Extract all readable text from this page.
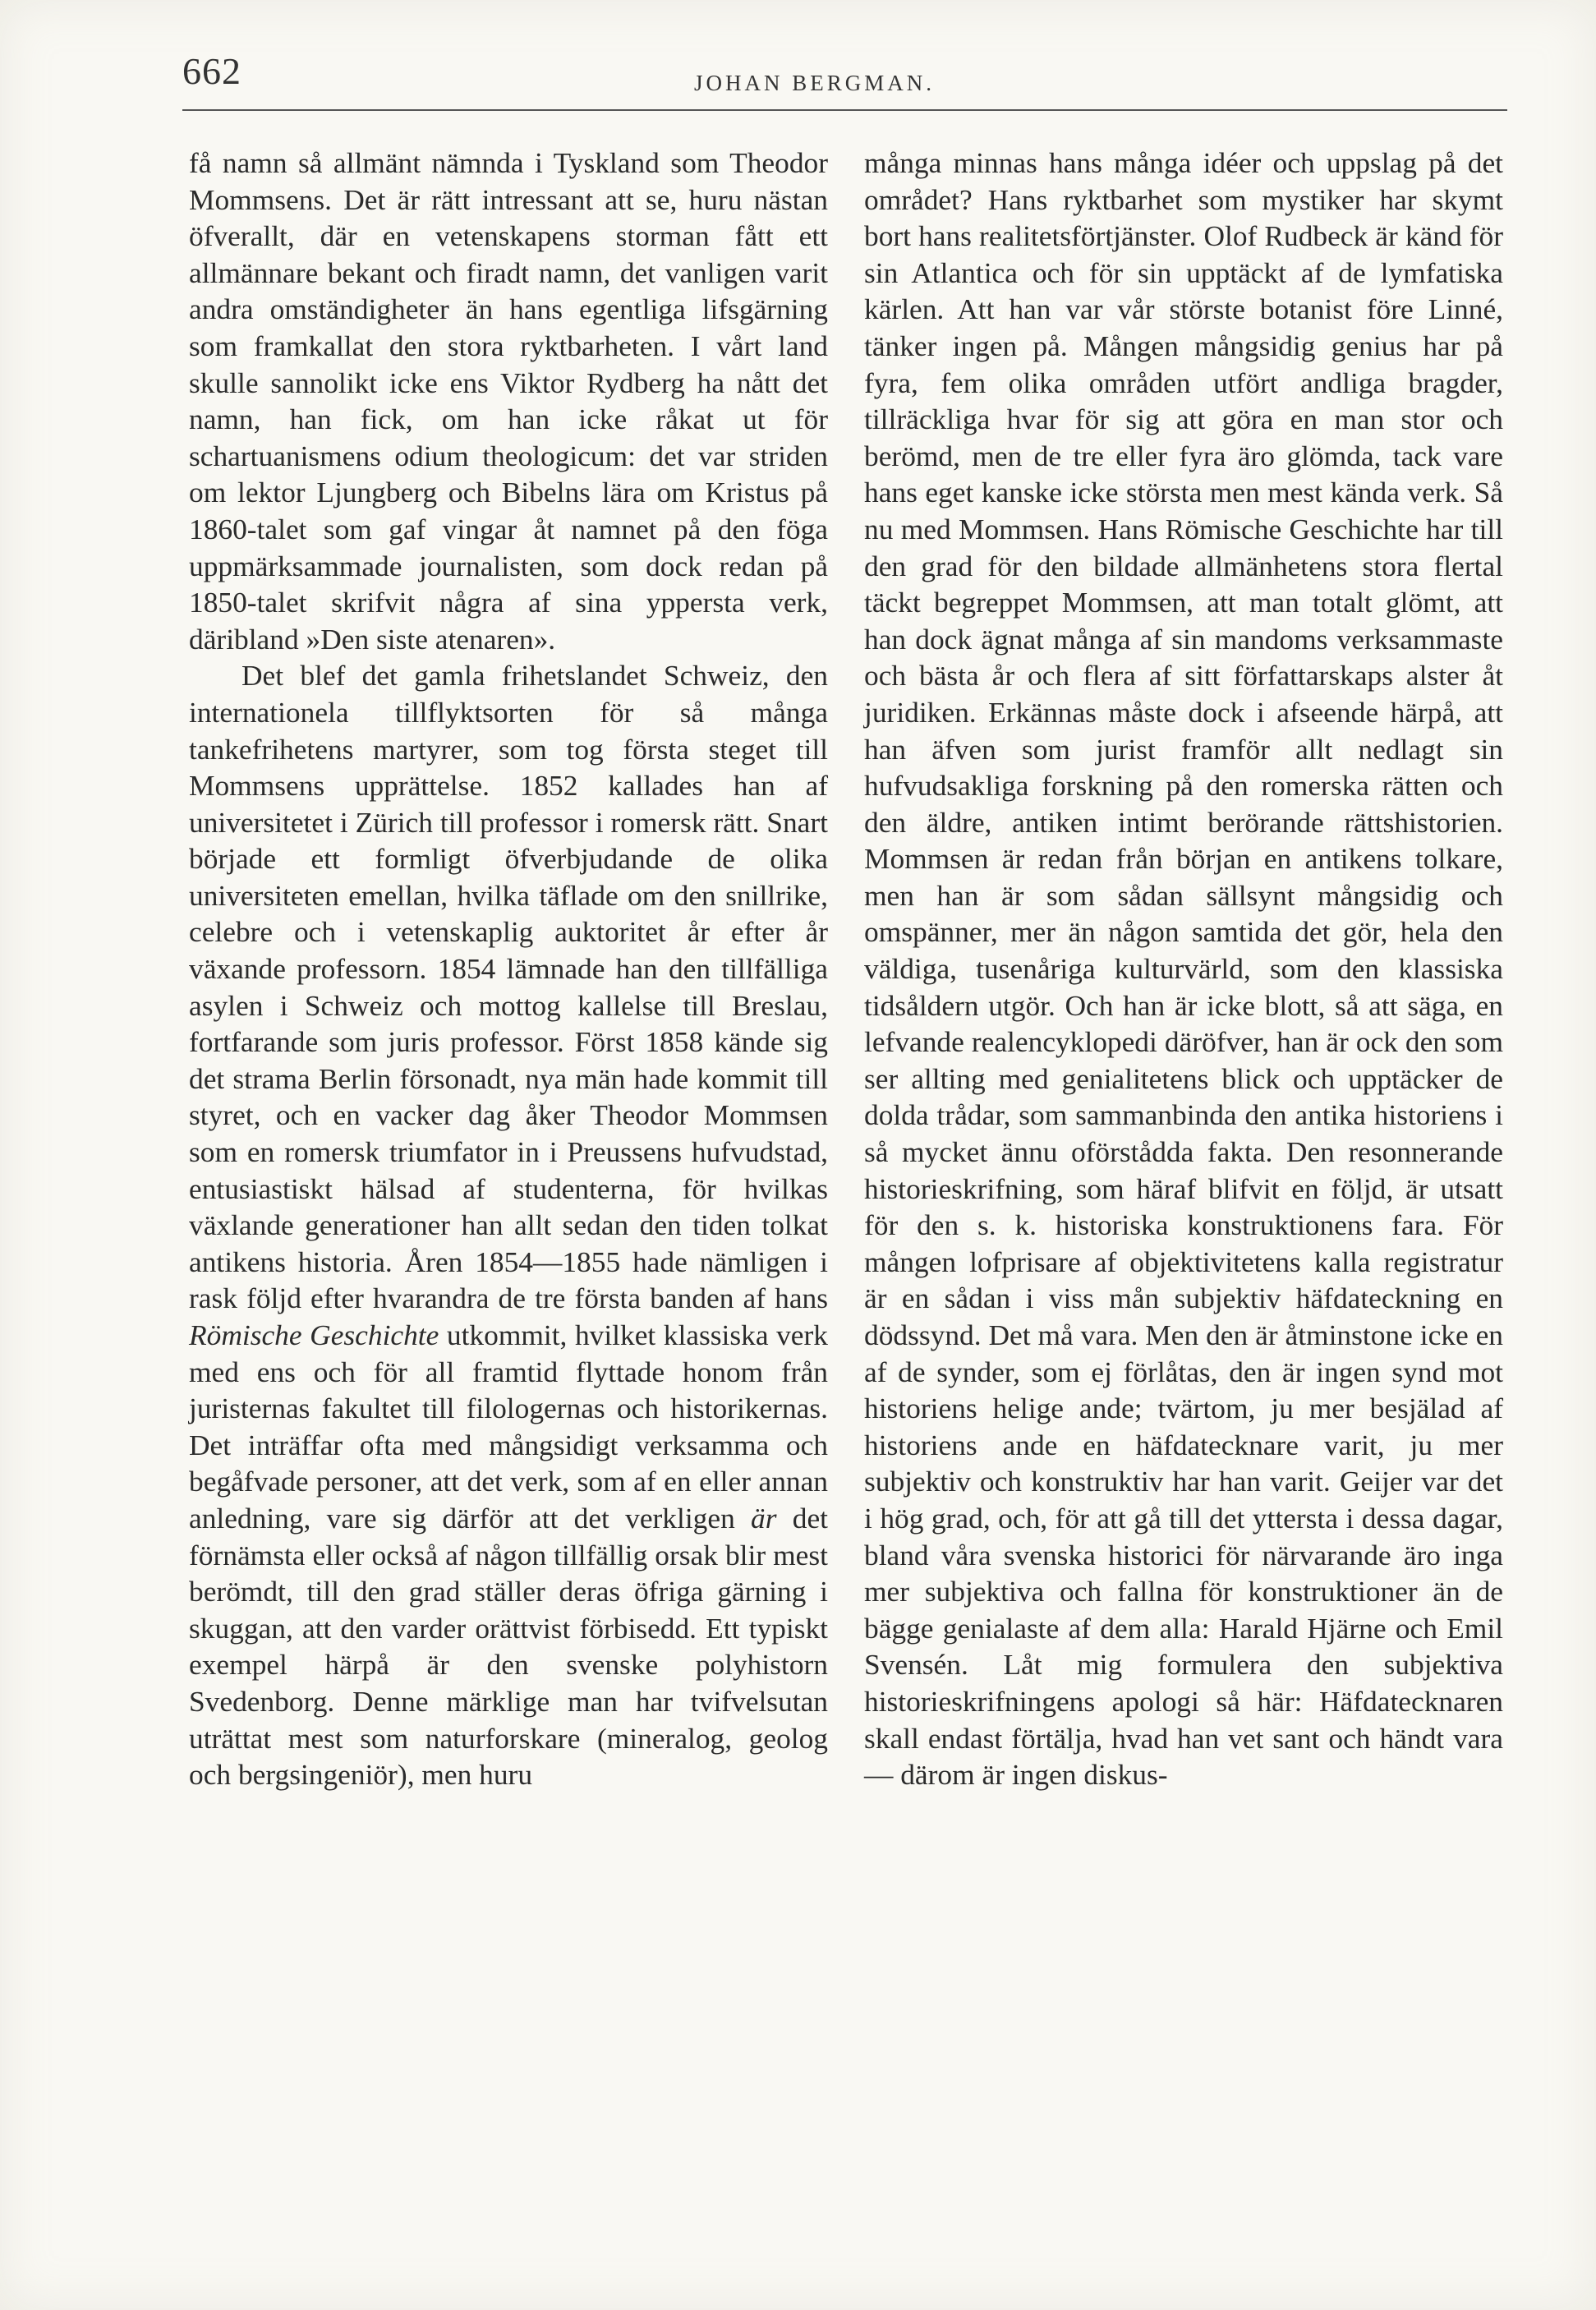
662	JOHAN BERGMAN.

få namn så allmänt nämnda i Tyskland som Theodor Mommsens. Det är rätt intressant att se, huru nästan öfverallt, där en vetenskapens storman fått ett allmännare bekant och firadt namn, det vanligen varit andra omständigheter än hans egentliga lifsgärning som framkallat den stora ryktbarheten. I vårt land skulle sannolikt icke ens Viktor Rydberg ha nått det namn, han fick, om han icke råkat ut för schartuanismens odium theologicum: det var striden om lektor Ljungberg och Bibelns lära om Kristus på 1860-talet som gaf vingar åt namnet på den föga uppmärksammade journalisten, som dock redan på 1850-talet skrifvit några af sina yppersta verk, däribland »Den siste atenaren».

Det blef det gamla frihetslandet Schweiz, den internationela tillflyktsorten för så många tankefrihetens martyrer, som tog första steget till Mommsens upprättelse. 1852 kallades han af universitetet i Zürich till professor i romersk rätt. Snart började ett formligt öfverbjudande de olika universiteten emellan, hvilka täflade om den snillrike, celebre och i vetenskaplig auktoritet år efter år växande professorn. 1854 lämnade han den tillfälliga asylen i Schweiz och mottog kallelse till Breslau, fortfarande som juris professor. Först 1858 kände sig det strama Berlin försonadt, nya män hade kommit till styret, och en vacker dag åker Theodor Mommsen som en romersk triumfator in i Preussens hufvudstad, entusiastiskt hälsad af studenterna, för hvilkas växlande generationer han allt sedan den tiden tolkat antikens historia. Åren 1854—1855 hade nämligen i rask följd efter hvarandra de tre första banden af hans Römische Geschichte utkommit, hvilket klassiska verk med ens och för all framtid flyttade honom från juristernas fakultet till filologernas och historikernas. Det inträffar ofta med mångsidigt verksamma och begåfvade personer, att det verk, som af en eller annan anledning, vare sig därför att det verkligen är det förnämsta eller också af någon tillfällig orsak blir mest berömdt, till den grad ställer deras öfriga gärning i skuggan, att den varder orättvist förbisedd. Ett typiskt exempel härpå är den svenske polyhistorn Svedenborg. Denne märklige man har tvifvelsutan uträttat mest som naturforskare (mineralog, geolog och bergsingeniör), men huru

många minnas hans många idéer och uppslag på det området? Hans ryktbarhet som mystiker har skymt bort hans realitetsförtjänster. Olof Rudbeck är känd för sin Atlantica och för sin upptäckt af de lymfatiska kärlen. Att han var vår störste botanist före Linné, tänker ingen på. Mången mångsidig genius har på fyra, fem olika områden utfört andliga bragder, tillräckliga hvar för sig att göra en man stor och berömd, men de tre eller fyra äro glömda, tack vare hans eget kanske icke största men mest kända verk. Så nu med Mommsen. Hans Römische Geschichte har till den grad för den bildade allmänhetens stora flertal täckt begreppet Mommsen, att man totalt glömt, att han dock ägnat många af sin mandoms verksammaste och bästa år och flera af sitt författarskaps alster åt juridiken. Erkännas måste dock i afseende härpå, att han äfven som jurist framför allt nedlagt sin hufvudsakliga forskning på den romerska rätten och den äldre, antiken intimt berörande rättshistorien. Mommsen är redan från början en antikens tolkare, men han är som sådan sällsynt mångsidig och omspänner, mer än någon samtida det gör, hela den väldiga, tusenåriga kulturvärld, som den klassiska tidsåldern utgör. Och han är icke blott, så att säga, en lefvande realencyklopedi däröfver, han är ock den som ser allting med genialitetens blick och upptäcker de dolda trådar, som sammanbinda den antika historiens i så mycket ännu oförstådda fakta. Den resonnerande historieskrifning, som häraf blifvit en följd, är utsatt för den s. k. historiska konstruktionens fara. För mången lofprisare af objektivitetens kalla registratur är en sådan i viss mån subjektiv häfdateckning en dödssynd. Det må vara. Men den är åtminstone icke en af de synder, som ej förlåtas, den är ingen synd mot historiens helige ande; tvärtom, ju mer besjälad af historiens ande en häfdatecknare varit, ju mer subjektiv och konstruktiv har han varit. Geijer var det i hög grad, och, för att gå till det yttersta i dessa dagar, bland våra svenska historici för närvarande äro inga mer subjektiva och fallna för konstruktioner än de bägge genialaste af dem alla: Harald Hjärne och Emil Svensén. Låt mig formulera den subjektiva historieskrifningens apologi så här: Häfdatecknaren skall endast förtälja, hvad han vet sant och händt vara — därom är ingen diskus-
